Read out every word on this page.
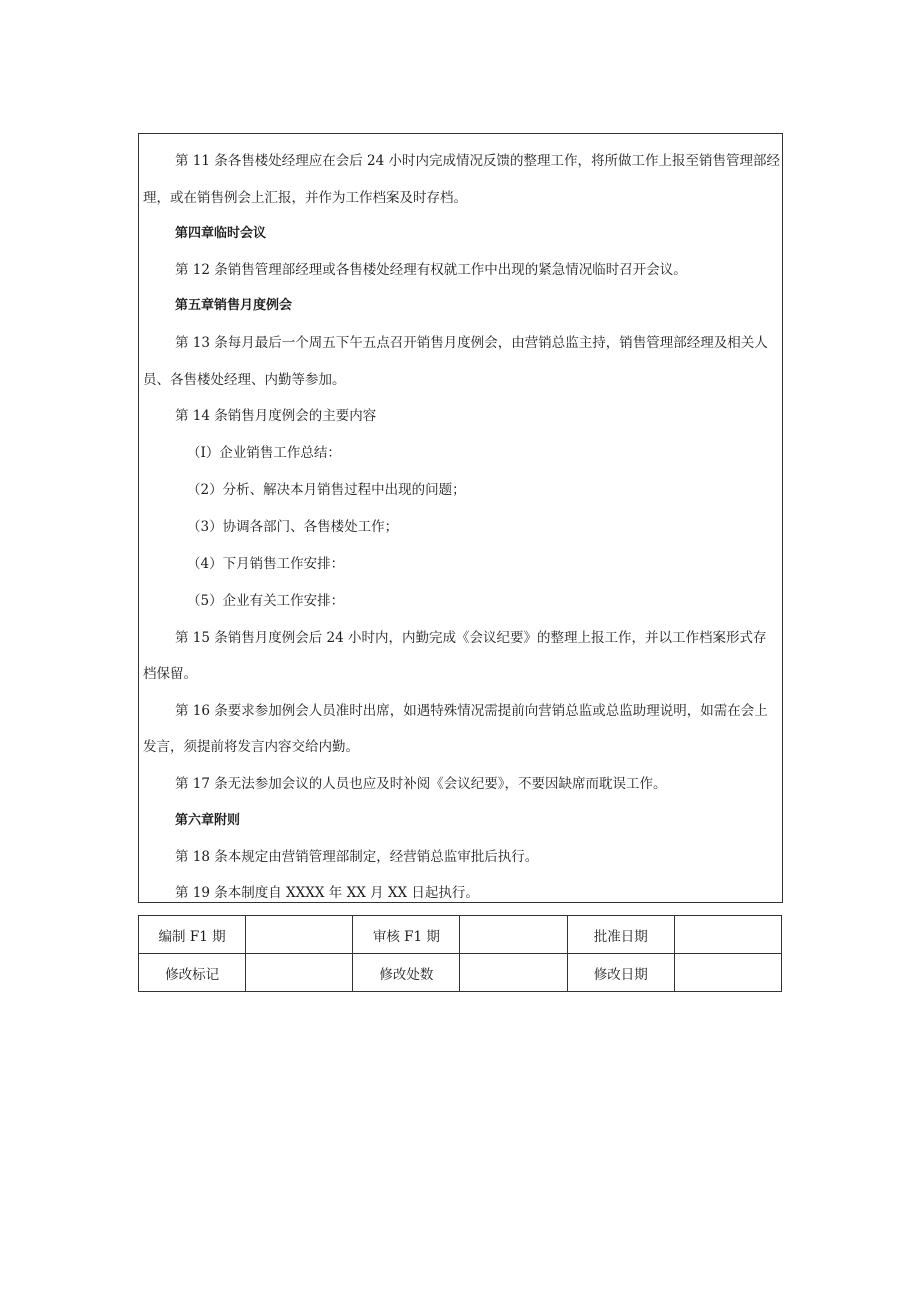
第 11 条各售楼处经理应在会后 24 小时内完成情况反馈的整理工作，将所做工作上报至销售管理部经
理，或在销售例会上汇报，并作为工作档案及时存档。
第四章临时会议
第 12 条销售管理部经理或各售楼处经理有权就工作中出现的紧急情况临时召开会议。
第五章销售月度例会
第 13 条每月最后一个周五下午五点召开销售月度例会，由营销总监主持，销售管理部经理及相关人
员、各售楼处经理、内勤等参加。
第 14 条销售月度例会的主要内容
（I）企业销售工作总结：
（2）分析、解决本月销售过程中出现的问题；
（3）协调各部门、各售楼处工作；
（4）下月销售工作安排：
（5）企业有关工作安排：
第 15 条销售月度例会后 24 小时内，内勤完成《会议纪要》的整理上报工作，并以工作档案形式存
档保留。
第 16 条要求参加例会人员准时出席，如遇特殊情况需提前向营销总监或总监助理说明，如需在会上
发言，须提前将发言内容交给内勤。
第 17 条无法参加会议的人员也应及时补阅《会议纪要》，不要因缺席而耽误工作。
第六章附则
第 18 条本规定由营销管理部制定，经营销总监审批后执行。
第 19 条本制度自 XXXX 年 XX 月 XX 日起执行。
编制 F1 期		审核 F1 期		批准日期	
修改标记		修改处数		修改日期	
